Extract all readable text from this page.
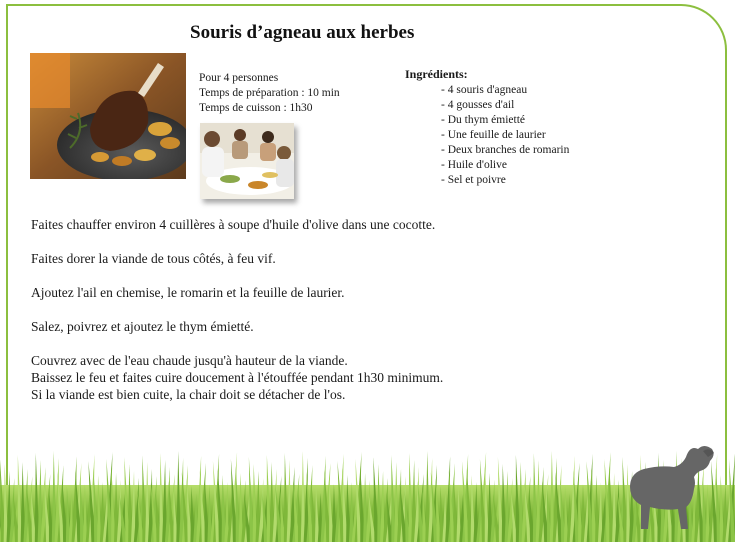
Souris d’agneau aux herbes
Pour 4 personnes
Temps de préparation : 10 min
Temps de cuisson : 1h30
Ingrédients:
- 4 souris d'agneau
- 4 gousses d'ail
- Du thym émietté
- Une feuille de laurier
- Deux branches de romarin
- Huile d'olive
- Sel et poivre

Faites chauffer environ 4 cuillères à soupe d'huile d'olive dans une cocotte.

Faites dorer la viande de tous côtés, à feu vif.

Ajoutez l'ail en chemise, le romarin et la feuille de laurier.

Salez, poivrez et ajoutez le thym émietté.

Couvrez avec de l'eau chaude jusqu'à hauteur de la viande.
Baissez le feu et faites cuire doucement à l'étouffée pendant 1h30 minimum.
Si la viande est bien cuite, la chair doit se détacher de l'os.
